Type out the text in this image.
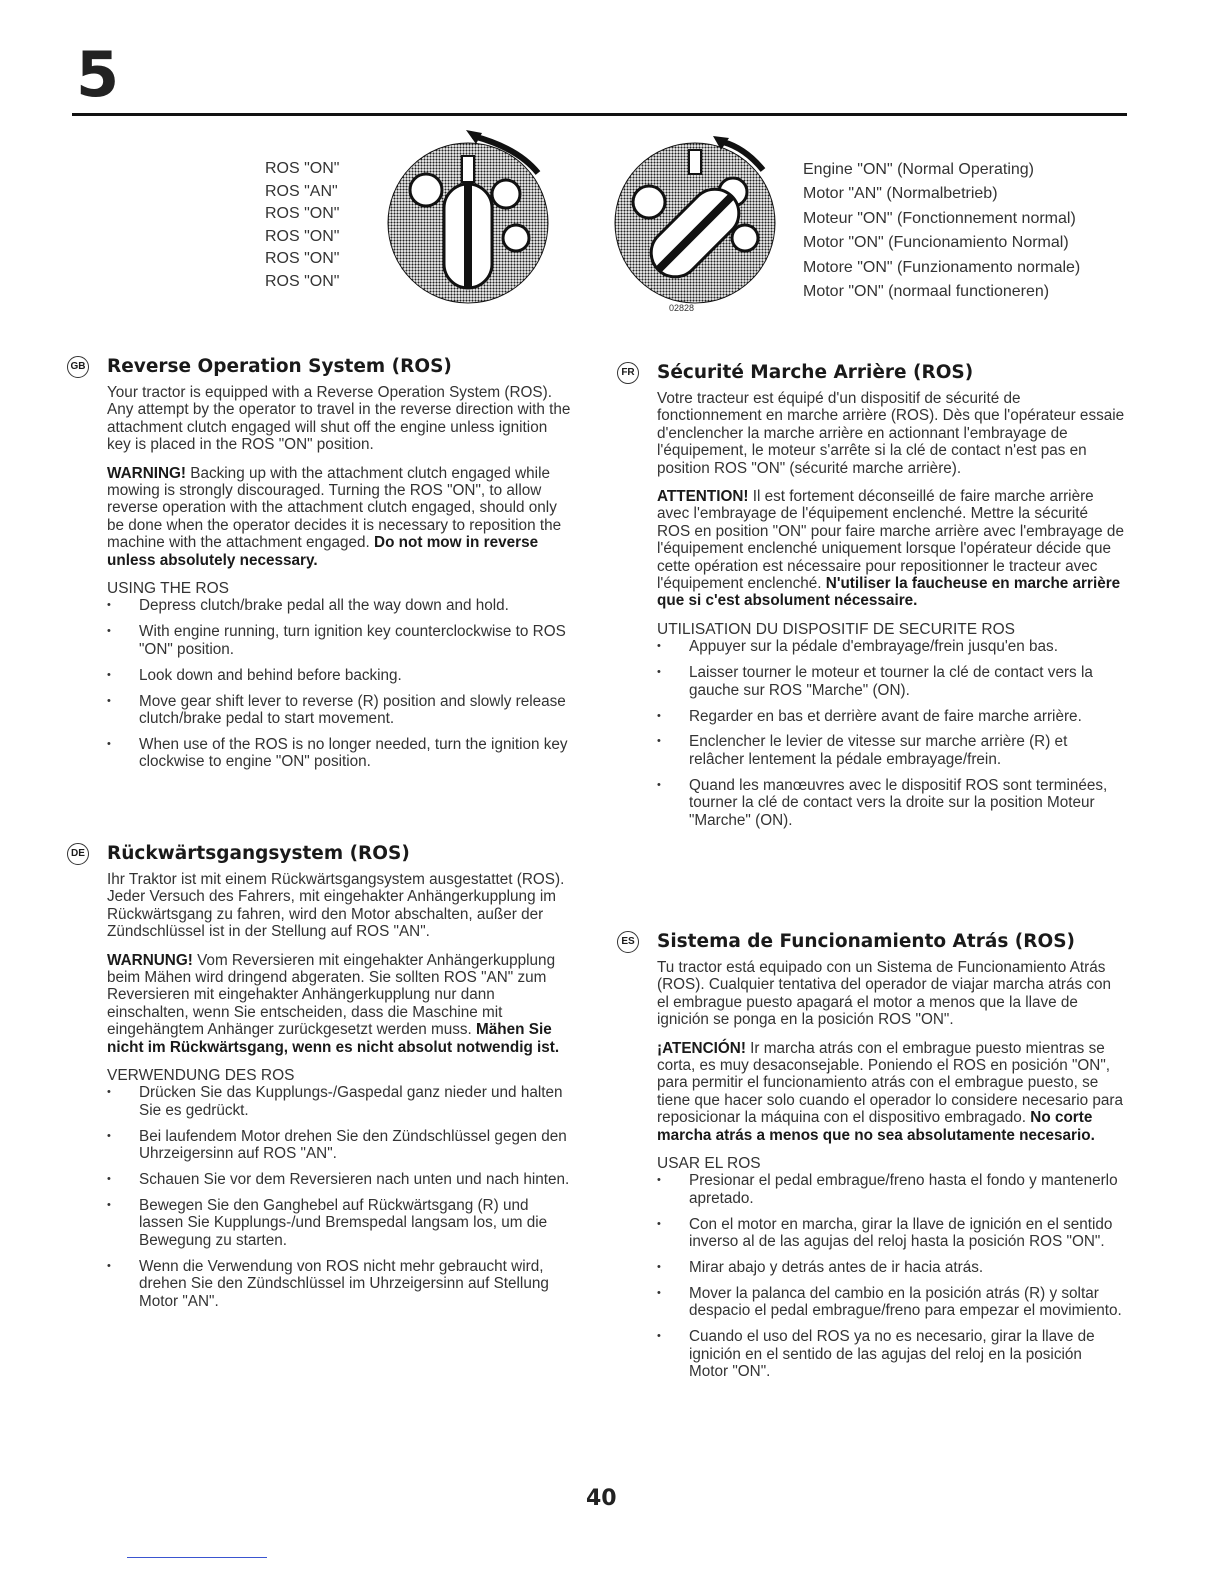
5
ROS "ON"
ROS "AN"
ROS "ON"
ROS "ON"
ROS "ON"
ROS "ON"
02828
Engine "ON" (Normal Operating)
Motor "AN" (Normalbetrieb)
Moteur "ON" (Fonctionnement normal)
Motor "ON" (Funcionamiento Normal)
Motore "ON" (Funzionamento normale)
Motor "ON" (normaal functioneren)
GB Reverse Operation System (ROS)

Your tractor is equipped with a Reverse Operation System (ROS). Any attempt by the operator to travel in the reverse direction with the attachment clutch engaged will shut off the engine unless ignition key is placed in the ROS "ON" position.

WARNING! Backing up with the attachment clutch engaged while mowing is strongly discouraged. Turning the ROS "ON", to allow reverse operation with the attachment clutch engaged, should only be done when the operator decides it is necessary to reposition the machine with the attachment engaged. Do not mow in reverse unless absolutely necessary.

USING THE ROS

• Depress clutch/brake pedal all the way down and hold.
• With engine running, turn ignition key counterclockwise to ROS "ON" position.
• Look down and behind before backing.
• Move gear shift lever to reverse (R) position and slowly release clutch/brake pedal to start movement.
• When use of the ROS is no longer needed, turn the ignition key clockwise to engine "ON" position.
DE Rückwärtsgangsystem (ROS)

Ihr Traktor ist mit einem Rückwärtsgangsystem ausgestattet (ROS). Jeder Versuch des Fahrers, mit eingehakter Anhängerkupplung im Rückwärtsgang zu fahren, wird den Motor abschalten, außer der Zündschlüssel ist in der Stellung auf ROS "AN".

WARNUNG! Vom Reversieren mit eingehakter Anhängerkupplung beim Mähen wird dringend abgeraten. Sie sollten ROS "AN" zum Reversieren mit eingehakter Anhängerkupplung nur dann einschalten, wenn Sie entscheiden, dass die Maschine mit eingehängtem Anhänger zurückgesetzt werden muss. Mähen Sie nicht im Rückwärtsgang, wenn es nicht absolut notwendig ist.

VERWENDUNG DES ROS

• Drücken Sie das Kupplungs-/Gaspedal ganz nieder und halten Sie es gedrückt.
• Bei laufendem Motor drehen Sie den Zündschlüssel gegen den Uhrzeigersinn auf ROS "AN".
• Schauen Sie vor dem Reversieren nach unten und nach hinten.
• Bewegen Sie den Ganghebel auf Rückwärtsgang (R) und lassen Sie Kupplungs-/und Bremspedal langsam los, um die Bewegung zu starten.
• Wenn die Verwendung von ROS nicht mehr gebraucht wird, drehen Sie den Zündschlüssel im Uhrzeigersinn auf Stellung Motor "AN".
FR Sécurité Marche Arrière (ROS)

Votre tracteur est équipé d'un dispositif de sécurité de fonctionnement en marche arrière (ROS). Dès que l'opérateur essaie d'enclencher la marche arrière en actionnant l'embrayage de l'équipement, le moteur s'arrête si la clé de contact n'est pas en position ROS "ON" (sécurité marche arrière).

ATTENTION! Il est fortement déconseillé de faire marche arrière avec l'embrayage de l'équipement enclenché. Mettre la sécurité ROS en position "ON" pour faire marche arrière avec l'embrayage de l'équipement enclenché uniquement lorsque l'opérateur décide que cette opération est nécessaire pour repositionner le tracteur avec l'équipement enclenché. N'utiliser la faucheuse en marche arrière que si c'est absolument nécessaire.

UTILISATION DU DISPOSITIF DE SECURITE ROS

• Appuyer sur la pédale d'embrayage/frein jusqu'en bas.
• Laisser tourner le moteur et tourner la clé de contact vers la gauche sur ROS "Marche" (ON).
• Regarder en bas et derrière avant de faire marche arrière.
• Enclencher le levier de vitesse sur marche arrière (R) et relâcher lentement la pédale embrayage/frein.
• Quand les manœuvres avec le dispositif ROS sont terminées, tourner la clé de contact vers la droite sur la position Moteur "Marche" (ON).
ES Sistema de Funcionamiento Atrás (ROS)

Tu tractor está equipado con un Sistema de Funcionamiento Atrás (ROS). Cualquier tentativa del operador de viajar marcha atrás con el embrague puesto apagará el motor a menos que la llave de ignición se ponga en la posición ROS "ON".

¡ATENCIÓN! Ir marcha atrás con el embrague puesto mientras se corta, es muy desaconsejable. Poniendo el ROS en posición "ON", para permitir el funcionamiento atrás con el embrague puesto, se tiene que hacer solo cuando el operador lo considere necesario para reposicionar la máquina con el dispositivo embragado. No corte marcha atrás a menos que no sea absolutamente necesario.

USAR EL ROS

• Presionar el pedal embrague/freno hasta el fondo y mantenerlo apretado.
• Con el motor en marcha, girar la llave de ignición en el sentido inverso al de las agujas del reloj hasta la posición ROS "ON".
• Mirar abajo y detrás antes de ir hacia atrás.
• Mover la palanca del cambio en la posición atrás (R) y soltar despacio el pedal embrague/freno para empezar el movimiento.
• Cuando el uso del ROS ya no es necesario, girar la llave de ignición en el sentido de las agujas del reloj en la posición Motor "ON".
40
